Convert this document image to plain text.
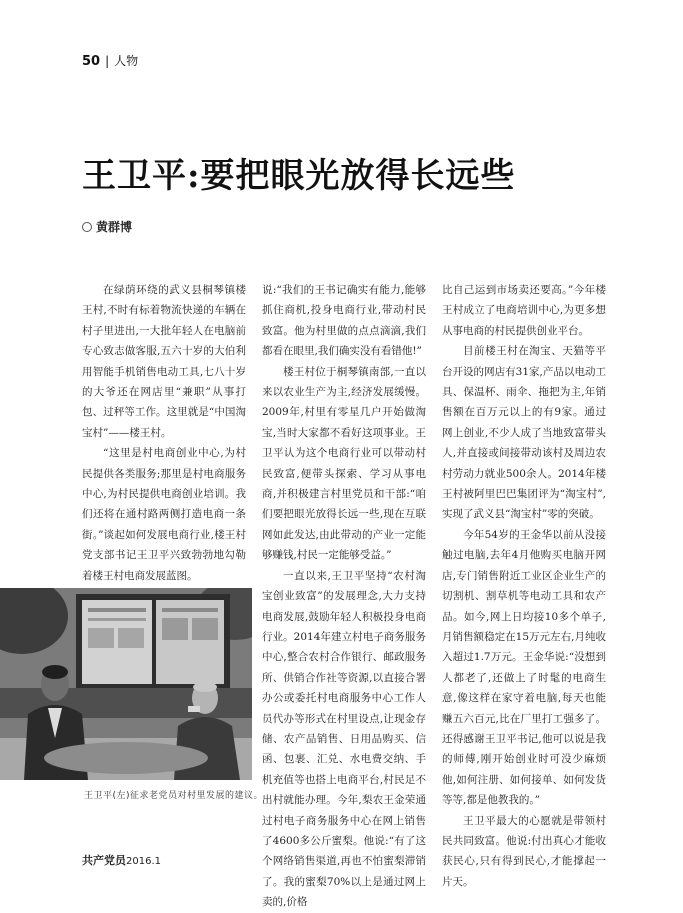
50 | 人物
王卫平:要把眼光放得长远些
黄群博

在绿荫环绕的武义县桐琴镇楼王村,不时有标着物流快递的车辆在村子里进出,一大批年轻人在电脑前专心致志做客服,五六十岁的大伯利用智能手机销售电动工具,七八十岁的大爷还在网店里“兼职”从事打包、过秤等工作。这里就是“中国淘宝村”——楼王村。

“这里是村电商创业中心,为村民提供各类服务;那里是村电商服务中心,为村民提供电商创业培训。我们还将在通村路两侧打造电商一条街。”谈起如何发展电商行业,楼王村党支部书记王卫平兴致勃勃地勾勒着楼王村电商发展蓝图。

说:“我们的王书记确实有能力,能够抓住商机,投身电商行业,带动村民致富。他为村里做的点点滴滴,我们都看在眼里,我们确实没有看错他!”

楼王村位于桐琴镇南部,一直以来以农业生产为主,经济发展缓慢。2009年,村里有零星几户开始做淘宝,当时大家都不看好这项事业。王卫平认为这个电商行业可以带动村民致富,便带头探索、学习从事电商,并积极建言村里党员和干部:“咱们要把眼光放得长远一些,现在互联网如此发达,由此带动的产业一定能够赚钱,村民一定能够受益。”

一直以来,王卫平坚持“农村淘宝创业致富”的发展理念,大力支持电商发展,鼓励年轻人积极投身电商行业。2014年建立村电子商务服务中心,整合农村合作银行、邮政服务所、供销合作社等资源,以直接合署办公或委托村电商服务中心工作人员代办等形式在村里设点,让现金存储、农产品销售、日用品购买、信函、包裹、汇兑、水电费交纳、手机充值等也搭上电商平台,村民足不出村就能办理。今年,梨农王金荣通过村电子商务服务中心在网上销售了4600多公斤蜜梨。他说:“有了这个网络销售渠道,再也不怕蜜梨滞销了。我的蜜梨70%以上是通过网上卖的,价格

比自己运到市场卖还要高。”今年楼王村成立了电商培训中心,为更多想从事电商的村民提供创业平台。

目前楼王村在淘宝、天猫等平台开设的网店有31家,产品以电动工具、保温杯、雨伞、拖把为主,年销售额在百万元以上的有9家。通过网上创业,不少人成了当地致富带头人,并直接或间接带动该村及周边农村劳动力就业500余人。2014年楼王村被阿里巴巴集团评为“淘宝村”,实现了武义县“淘宝村”零的突破。

今年54岁的王金华以前从没接触过电脑,去年4月他购买电脑开网店,专门销售附近工业区企业生产的切割机、割草机等电动工具和农产品。如今,网上日均接10多个单子,月销售额稳定在15万元左右,月纯收入超过1.7万元。王金华说:“没想到人都老了,还做上了时髦的电商生意,像这样在家守着电脑,每天也能赚五六百元,比在厂里打工强多了。还得感谢王卫平书记,他可以说是我的师傅,刚开始创业时可没少麻烦他,如何注册、如何接单、如何发货等等,都是他教我的。”

王卫平最大的心愿就是带领村民共同致富。他说:付出真心才能收获民心,只有得到民心,才能撑起一片天。

王卫平(左)征求老党员对村里发展的建议。
共产党员2016.1
